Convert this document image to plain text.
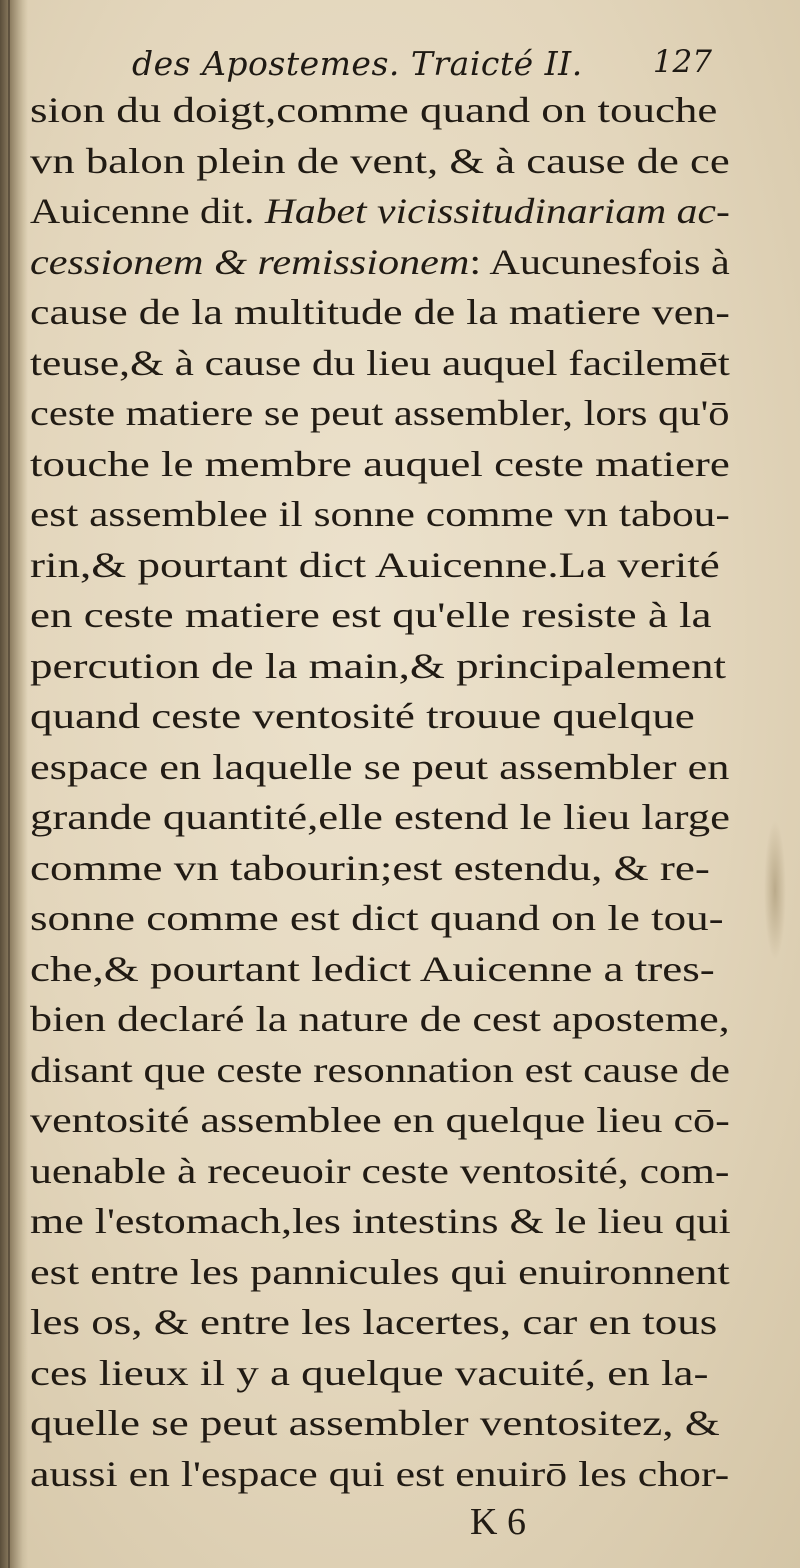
des Apostemes. Traicté II. 127
sion du doigt,comme quand on touche
vn balon plein de vent, & à cause de ce
Auicenne dit. Habet vicissitudinariam ac-
cessionem & remissionem: Aucunesfois à
cause de la multitude de la matiere ven-
teuse,& à cause du lieu auquel facilemēt
ceste matiere se peut assembler, lors qu'ō
touche le membre auquel ceste matiere
est assemblee il sonne comme vn tabou-
rin,& pourtant dict Auicenne.La verité
en ceste matiere est qu'elle resiste à la
percution de la main,& principalement
quand ceste ventosité trouue quelque
espace en laquelle se peut assembler en
grande quantité,elle estend le lieu large
comme vn tabourin;est estendu, & re-
sonne comme est dict quand on le tou-
che,& pourtant ledict Auicenne a tres-
bien declaré la nature de cest aposteme,
disant que ceste resonnation est cause de
ventosité assemblee en quelque lieu cō-
uenable à receuoir ceste ventosité, com-
me l'estomach,les intestins & le lieu qui
est entre les pannicules qui enuironnent
les os, & entre les lacertes, car en tous
ces lieux il y a quelque vacuité, en la-
quelle se peut assembler ventositez, &
aussi en l'espace qui est enuirō les chor-
K 6
